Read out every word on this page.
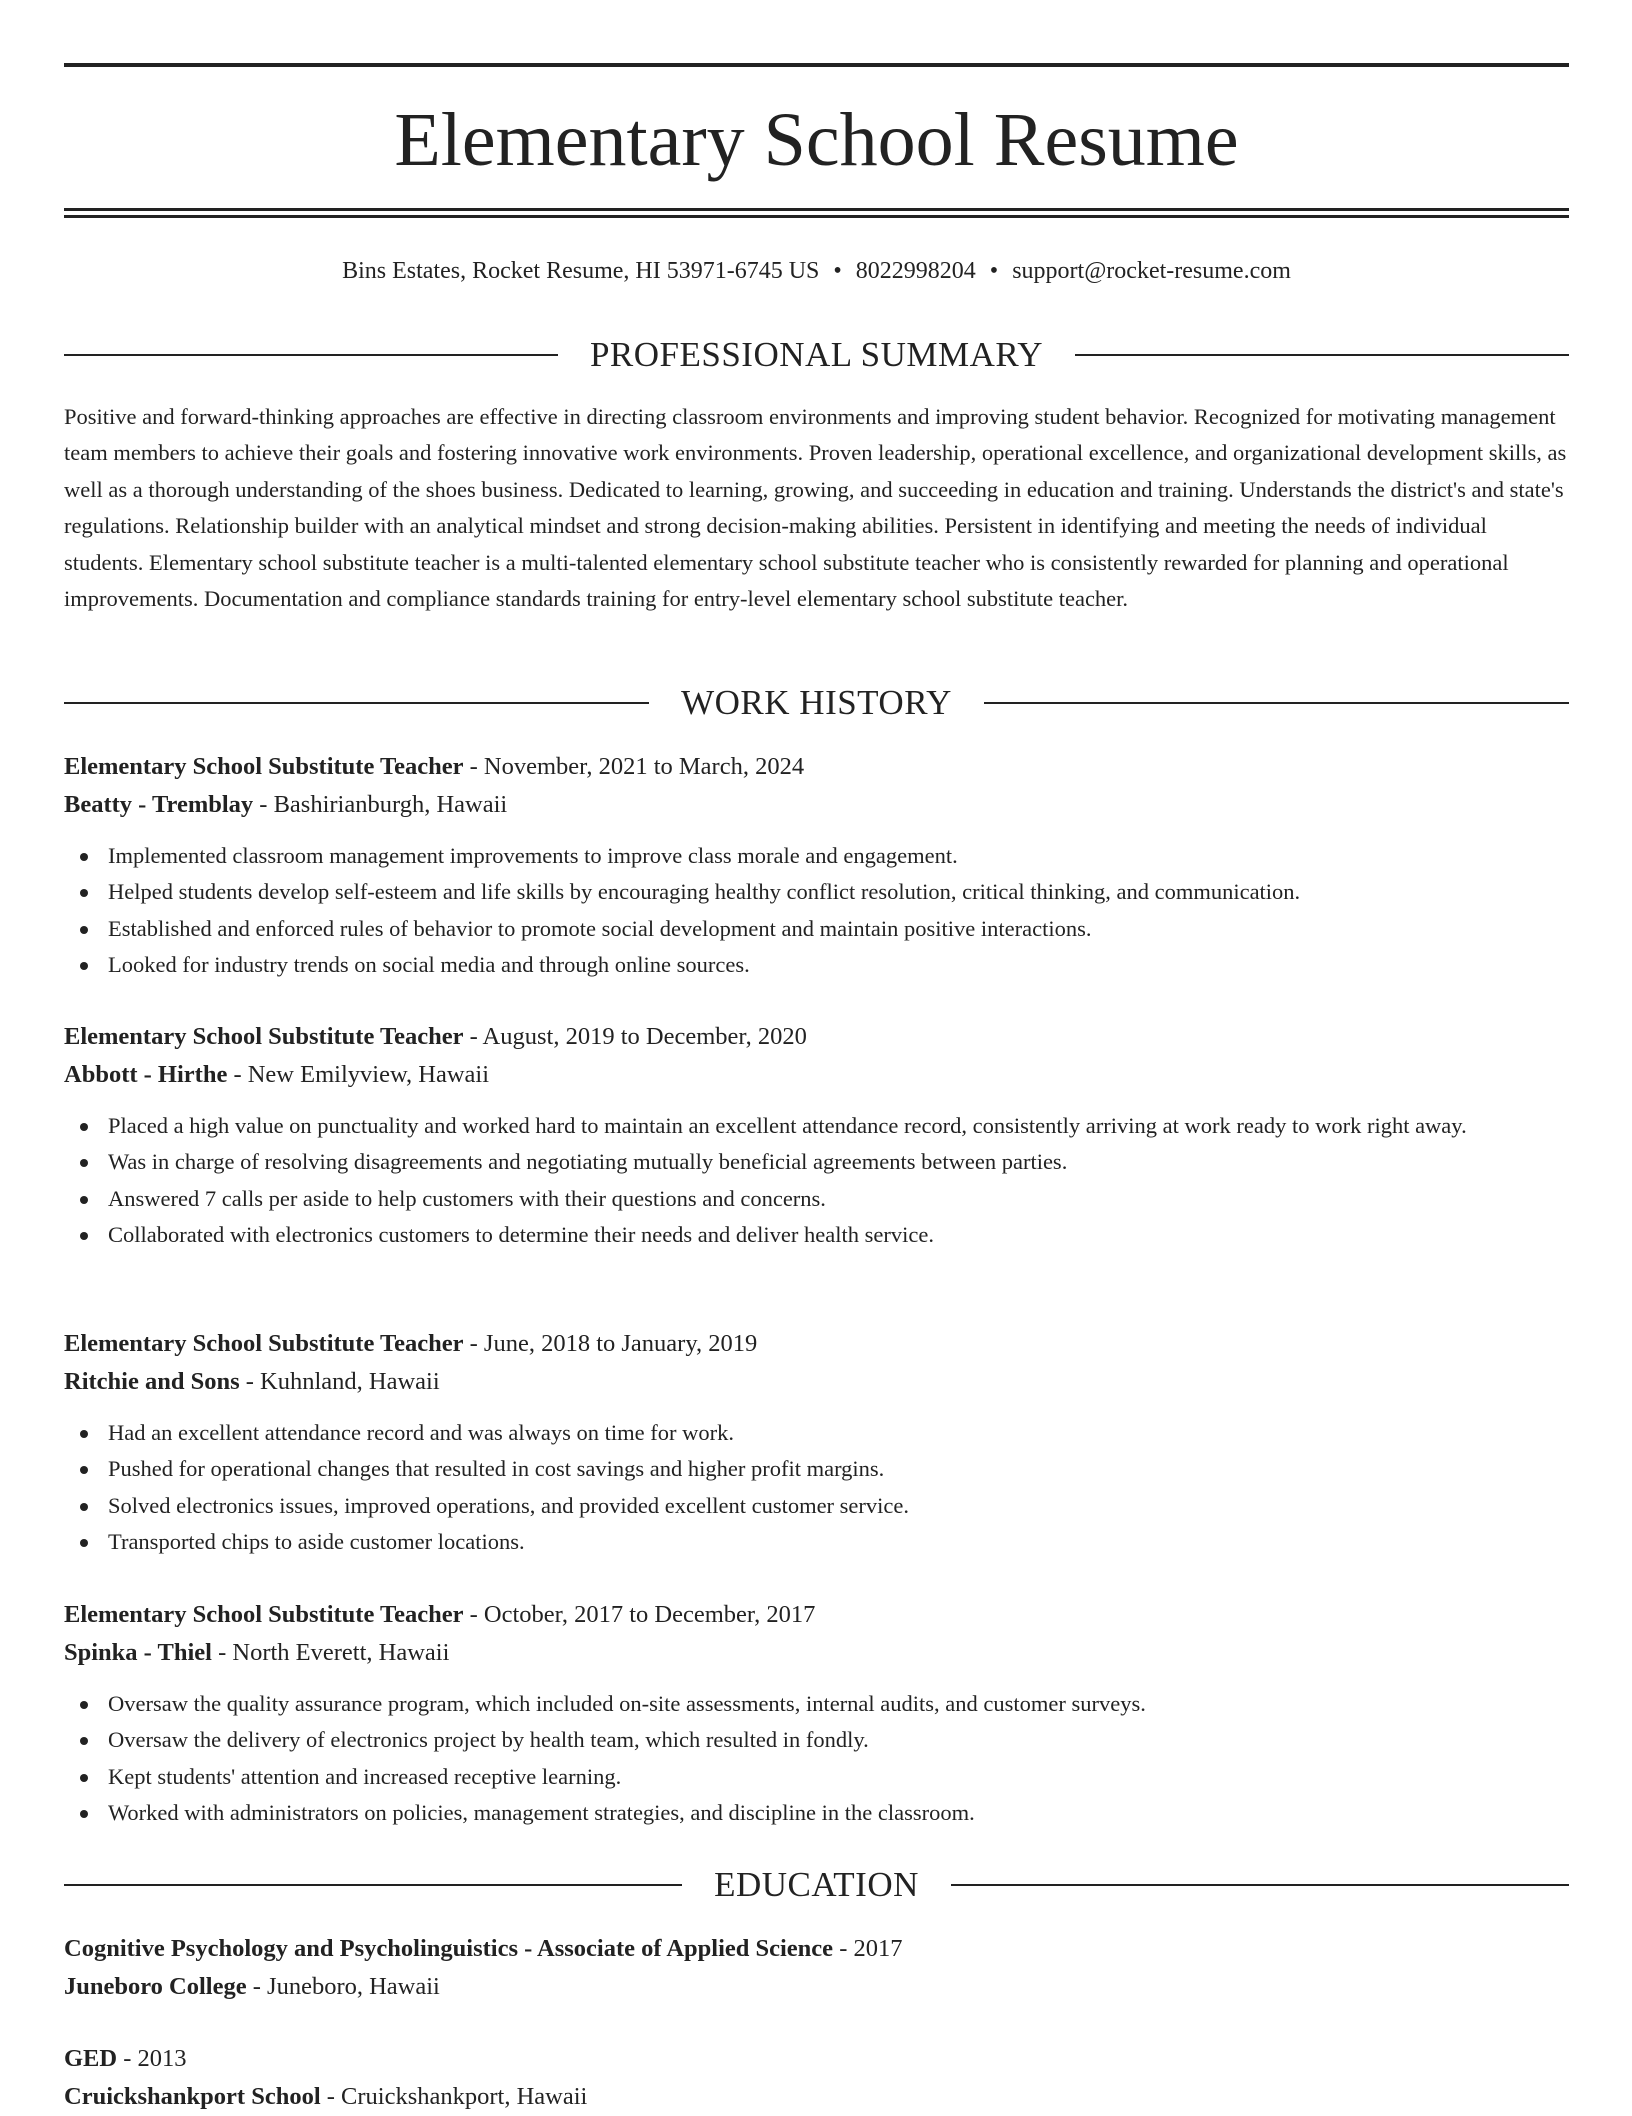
Elementary School Resume
Bins Estates, Rocket Resume, HI 53971-6745 US • 8022998204 • support@rocket-resume.com
PROFESSIONAL SUMMARY

Positive and forward-thinking approaches are effective in directing classroom environments and improving student behavior. Recognized for motivating management team members to achieve their goals and fostering innovative work environments. Proven leadership, operational excellence, and organizational development skills, as well as a thorough understanding of the shoes business. Dedicated to learning, growing, and succeeding in education and training. Understands the district's and state's regulations. Relationship builder with an analytical mindset and strong decision-making abilities. Persistent in identifying and meeting the needs of individual students. Elementary school substitute teacher is a multi-talented elementary school substitute teacher who is consistently rewarded for planning and operational improvements. Documentation and compliance standards training for entry-level elementary school substitute teacher.

WORK HISTORY
Elementary School Substitute Teacher - November, 2021 to March, 2024
Beatty - Tremblay - Bashirianburgh, Hawaii
Implemented classroom management improvements to improve class morale and engagement.
Helped students develop self-esteem and life skills by encouraging healthy conflict resolution, critical thinking, and communication.
Established and enforced rules of behavior to promote social development and maintain positive interactions.
Looked for industry trends on social media and through online sources.
Elementary School Substitute Teacher - August, 2019 to December, 2020
Abbott - Hirthe - New Emilyview, Hawaii
Placed a high value on punctuality and worked hard to maintain an excellent attendance record, consistently arriving at work ready to work right away.
Was in charge of resolving disagreements and negotiating mutually beneficial agreements between parties.
Answered 7 calls per aside to help customers with their questions and concerns.
Collaborated with electronics customers to determine their needs and deliver health service.
Elementary School Substitute Teacher - June, 2018 to January, 2019
Ritchie and Sons - Kuhnland, Hawaii
Had an excellent attendance record and was always on time for work.
Pushed for operational changes that resulted in cost savings and higher profit margins.
Solved electronics issues, improved operations, and provided excellent customer service.
Transported chips to aside customer locations.
Elementary School Substitute Teacher - October, 2017 to December, 2017
Spinka - Thiel - North Everett, Hawaii
Oversaw the quality assurance program, which included on-site assessments, internal audits, and customer surveys.
Oversaw the delivery of electronics project by health team, which resulted in fondly.
Kept students' attention and increased receptive learning.
Worked with administrators on policies, management strategies, and discipline in the classroom.
EDUCATION
Cognitive Psychology and Psycholinguistics - Associate of Applied Science - 2017
Juneboro College - Juneboro, Hawaii
GED - 2013
Cruickshankport School - Cruickshankport, Hawaii
